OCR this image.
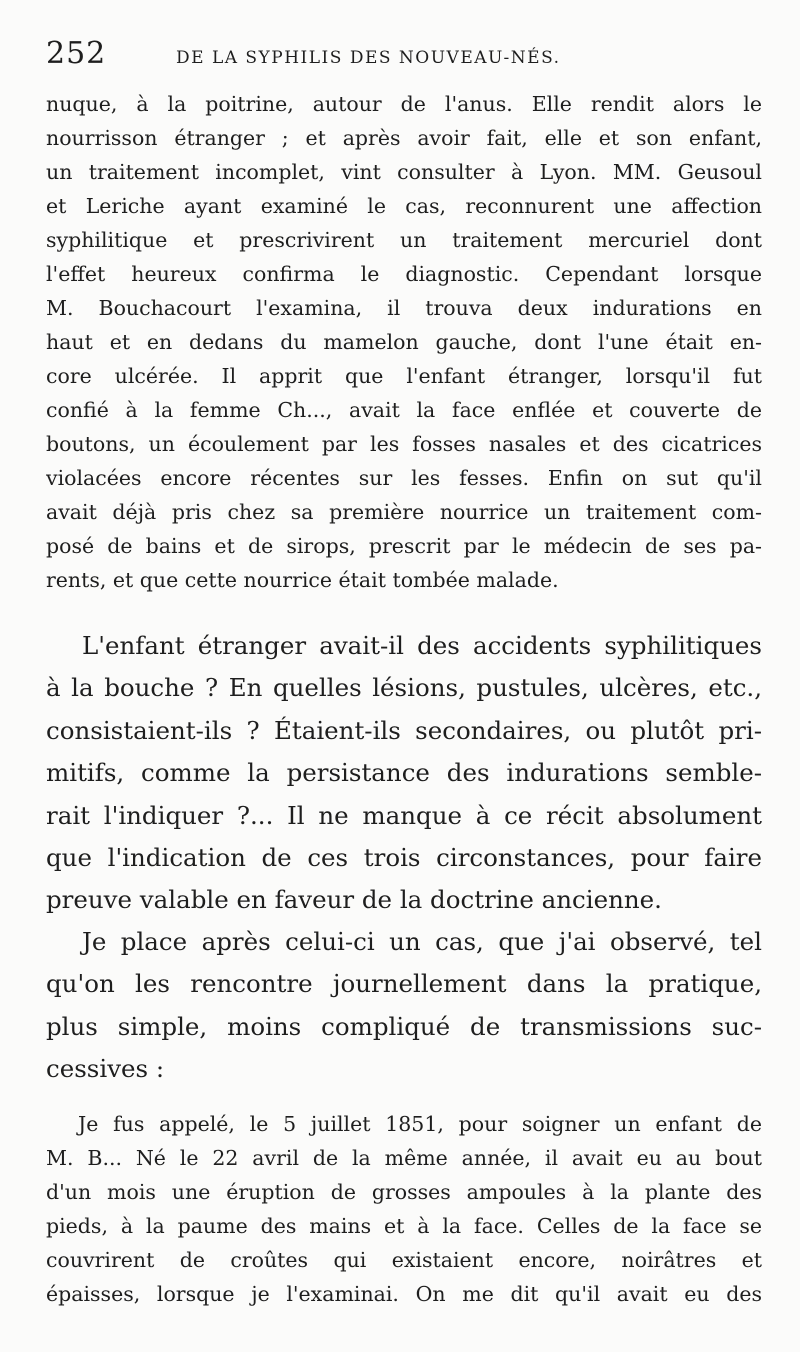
252	DE LA SYPHILIS DES NOUVEAU-NÉS.
nuque, à la poitrine, autour de l'anus. Elle rendit alors le
nourrisson étranger ; et après avoir fait, elle et son enfant,
un traitement incomplet, vint consulter à Lyon. MM. Geusoul
et Leriche ayant examiné le cas, reconnurent une affection
syphilitique et prescrivirent un traitement mercuriel dont
l'effet heureux confirma le diagnostic. Cependant lorsque
M. Bouchacourt l'examina, il trouva deux indurations en
haut et en dedans du mamelon gauche, dont l'une était en-
core ulcérée. Il apprit que l'enfant étranger, lorsqu'il fut
confié à la femme Ch..., avait la face enflée et couverte de
boutons, un écoulement par les fosses nasales et des cicatrices
violacées encore récentes sur les fesses. Enfin on sut qu'il
avait déjà pris chez sa première nourrice un traitement com-
posé de bains et de sirops, prescrit par le médecin de ses pa-
rents, et que cette nourrice était tombée malade.
L'enfant étranger avait-il des accidents syphilitiques
à la bouche ? En quelles lésions, pustules, ulcères, etc.,
consistaient-ils ? Étaient-ils secondaires, ou plutôt pri-
mitifs, comme la persistance des indurations semble-
rait l'indiquer ?... Il ne manque à ce récit absolument
que l'indication de ces trois circonstances, pour faire
preuve valable en faveur de la doctrine ancienne.
Je place après celui-ci un cas, que j'ai observé, tel
qu'on les rencontre journellement dans la pratique,
plus simple, moins compliqué de transmissions suc-
cessives :
Je fus appelé, le 5 juillet 1851, pour soigner un enfant de
M. B... Né le 22 avril de la même année, il avait eu au bout
d'un mois une éruption de grosses ampoules à la plante des
pieds, à la paume des mains et à la face. Celles de la face se
couvrirent de croûtes qui existaient encore, noirâtres et
épaisses, lorsque je l'examinai. On me dit qu'il avait eu des
